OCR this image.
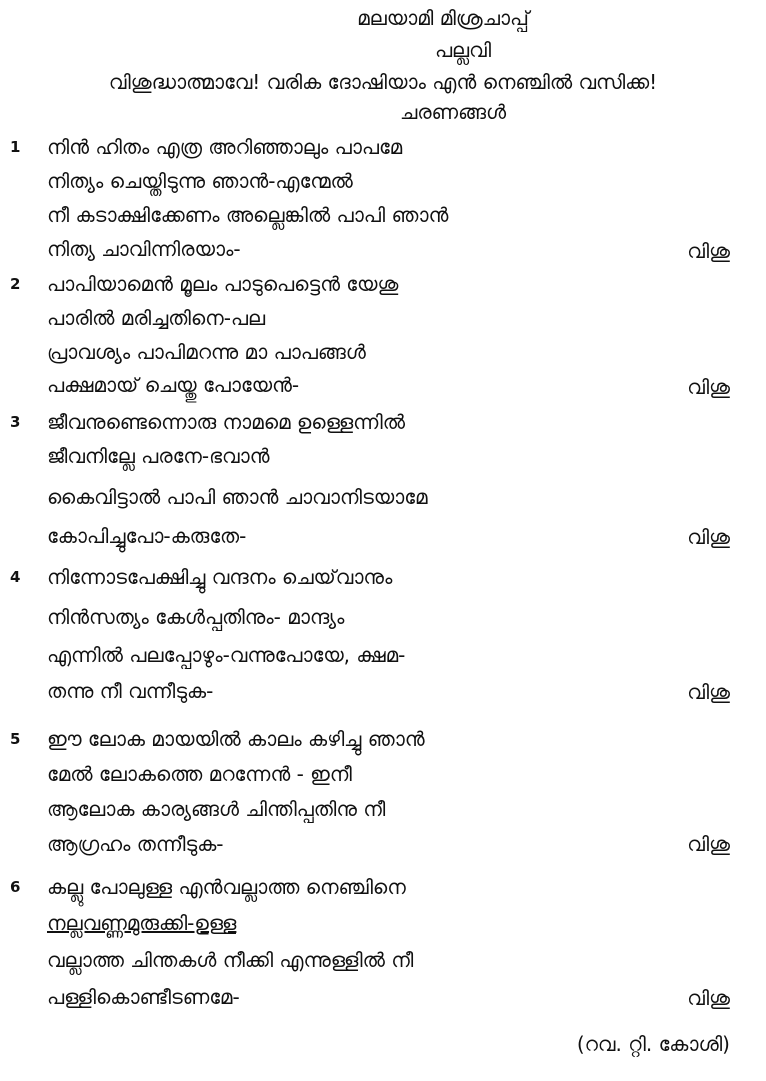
മലയാമി മിശ്രചാപ്പ്
പല്ലവി
വിശുദ്ധാത്മാവേ! വരിക ദോഷിയാം എൻ നെഞ്ചിൽ വസിക്ക!
ചരണങ്ങൾ
1 നിൻ ഹിതം എത്ര അറിഞ്ഞാലും പാപമേ
നിത്യം ചെയ്തിടുന്നു ഞാൻ-എന്മേൽ
നീ കടാക്ഷിക്കേണം അല്ലെങ്കിൽ പാപി ഞാൻ
നിത്യ ചാവിന്നിരയാം-	വിശു
2 പാപിയാമെൻ മൂലം പാടുപെട്ടെൻ യേശു
പാരിൽ മരിച്ചതിനെ-പല
പ്രാവശ്യം പാപിമറന്നു മാ പാപങ്ങൾ
പക്ഷമായ് ചെയ്തു പോയേൻ-	വിശു
3 ജീവനുണ്ടെന്നൊരു നാമമെ ഉള്ളെന്നിൽ
ജീവനില്ലേ പരനേ-ഭവാൻ
കൈവിട്ടാൽ പാപി ഞാൻ ചാവാനിടയാമേ
കോപിച്ചുപോ-കരുതേ-	വിശു
4 നിന്നോടപേക്ഷിച്ചു വന്ദനം ചെയ്‌വാനും
നിൻസത്യം കേൾപ്പതിനും- മാന്ദ്യം
എന്നിൽ പലപ്പോഴും-വന്നുപോയേ, ക്ഷമ-
തന്നു നീ വന്നീടുക-	വിശു
5 ഈ ലോക മായയിൽ കാലം കഴിച്ചു ഞാൻ
മേൽ ലോകത്തെ മറന്നേൻ - ഇനീ
ആലോക കാര്യങ്ങൾ ചിന്തിപ്പതിനു നീ
ആഗ്രഹം തന്നീടുക-	വിശു
6 കല്ലു പോലുള്ള എൻവല്ലാത്ത നെഞ്ചിനെ
നല്ലവണ്ണമുരുക്കി-ഉള്ള
വല്ലാത്ത ചിന്തകൾ നീക്കി എന്നുള്ളിൽ നീ
പള്ളികൊണ്ടീടണമേ-	വിശു
(റവ. റ്റി. കോശി)
